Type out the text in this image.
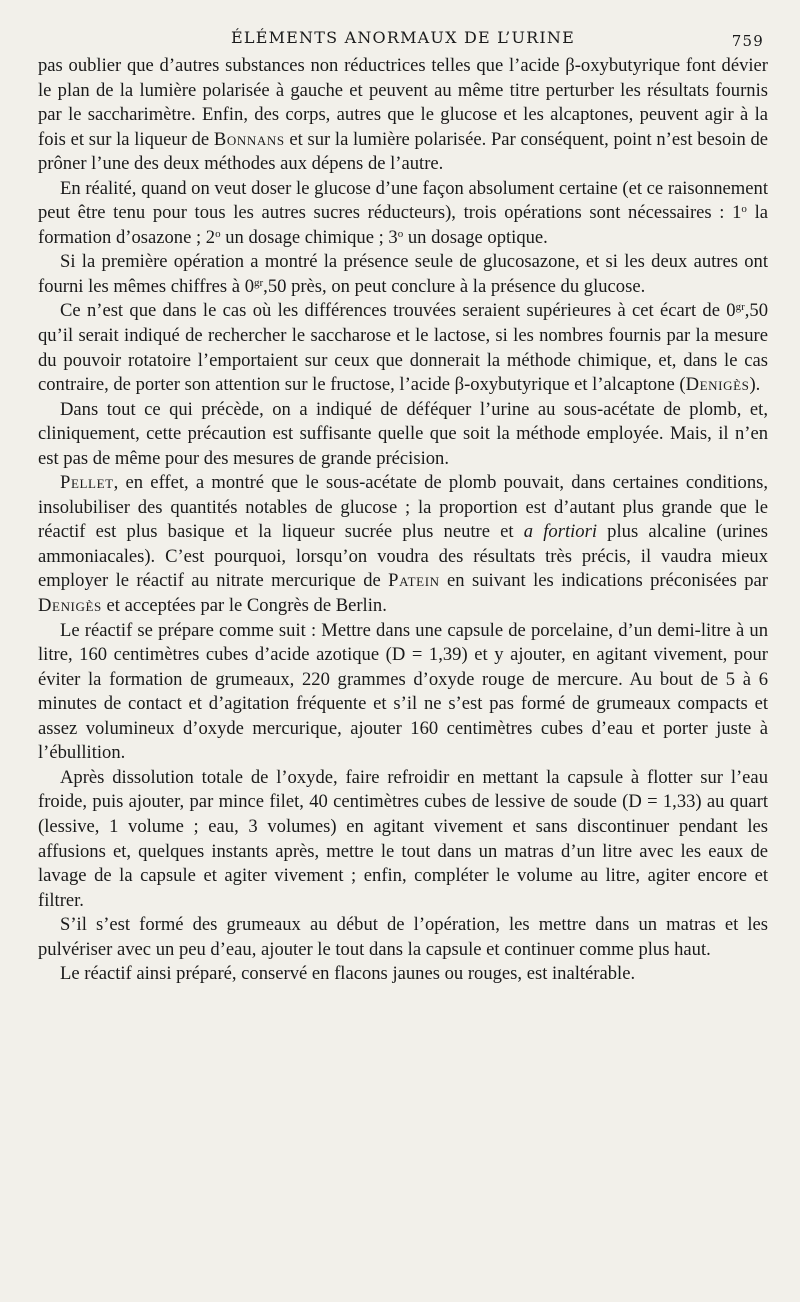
ÉLÉMENTS ANORMAUX DE L’URINE	759

pas oublier que d’autres substances non réductrices telles que l’acide β-oxybutyrique font dévier le plan de la lumière polarisée à gauche et peuvent au même titre perturber les résultats fournis par le saccharimètre. Enfin, des corps, autres que le glucose et les alcaptones, peuvent agir à la fois et sur la liqueur de Bonnans et sur la lumière polarisée. Par conséquent, point n’est besoin de prôner l’une des deux méthodes aux dépens de l’autre.

En réalité, quand on veut doser le glucose d’une façon absolument certaine (et ce raisonnement peut être tenu pour tous les autres sucres réducteurs), trois opérations sont nécessaires : 1$^o$ la formation d’osazone ; 2$^o$ un dosage chimique ; 3$^o$ un dosage optique.

Si la première opération a montré la présence seule de glucosazone, et si les deux autres ont fourni les mêmes chiffres à $0^{gr},50$ près, on peut conclure à la présence du glucose.

Ce n’est que dans le cas où les différences trouvées seraient supérieures à cet écart de $0^{gr},50$ qu’il serait indiqué de rechercher le saccharose et le lactose, si les nombres fournis par la mesure du pouvoir rotatoire l’emportaient sur ceux que donnerait la méthode chimique, et, dans le cas contraire, de porter son attention sur le fructose, l’acide β-oxybutyrique et l’alcaptone (Denigès).

Dans tout ce qui précède, on a indiqué de déféquer l’urine au sous-acétate de plomb, et, cliniquement, cette précaution est suffisante quelle que soit la méthode employée. Mais, il n’en est pas de même pour des mesures de grande précision.

Pellet, en effet, a montré que le sous-acétate de plomb pouvait, dans certaines conditions, insolubiliser des quantités notables de glucose ; la proportion est d’autant plus grande que le réactif est plus basique et la liqueur sucrée plus neutre et a fortiori plus alcaline (urines ammoniacales). C’est pourquoi, lorsqu’on voudra des résultats très précis, il vaudra mieux employer le réactif au nitrate mercurique de Patein en suivant les indications préconisées par Denigès et acceptées par le Congrès de Berlin.

Le réactif se prépare comme suit : Mettre dans une capsule de porcelaine, d’un demi-litre à un litre, 160 centimètres cubes d’acide azotique (D = 1,39) et y ajouter, en agitant vivement, pour éviter la formation de grumeaux, 220 grammes d’oxyde rouge de mercure. Au bout de 5 à 6 minutes de contact et d’agitation fréquente et s’il ne s’est pas formé de grumeaux compacts et assez volumineux d’oxyde mercurique, ajouter 160 centimètres cubes d’eau et porter juste à l’ébullition.

Après dissolution totale de l’oxyde, faire refroidir en mettant la capsule à flotter sur l’eau froide, puis ajouter, par mince filet, 40 centimètres cubes de lessive de soude (D = 1,33) au quart (lessive, 1 volume ; eau, 3 volumes) en agitant vivement et sans discontinuer pendant les affusions et, quelques instants après, mettre le tout dans un matras d’un litre avec les eaux de lavage de la capsule et agiter vivement ; enfin, compléter le volume au litre, agiter encore et filtrer.

S’il s’est formé des grumeaux au début de l’opération, les mettre dans un matras et les pulvériser avec un peu d’eau, ajouter le tout dans la capsule et continuer comme plus haut.

Le réactif ainsi préparé, conservé en flacons jaunes ou rouges, est inaltérable.
